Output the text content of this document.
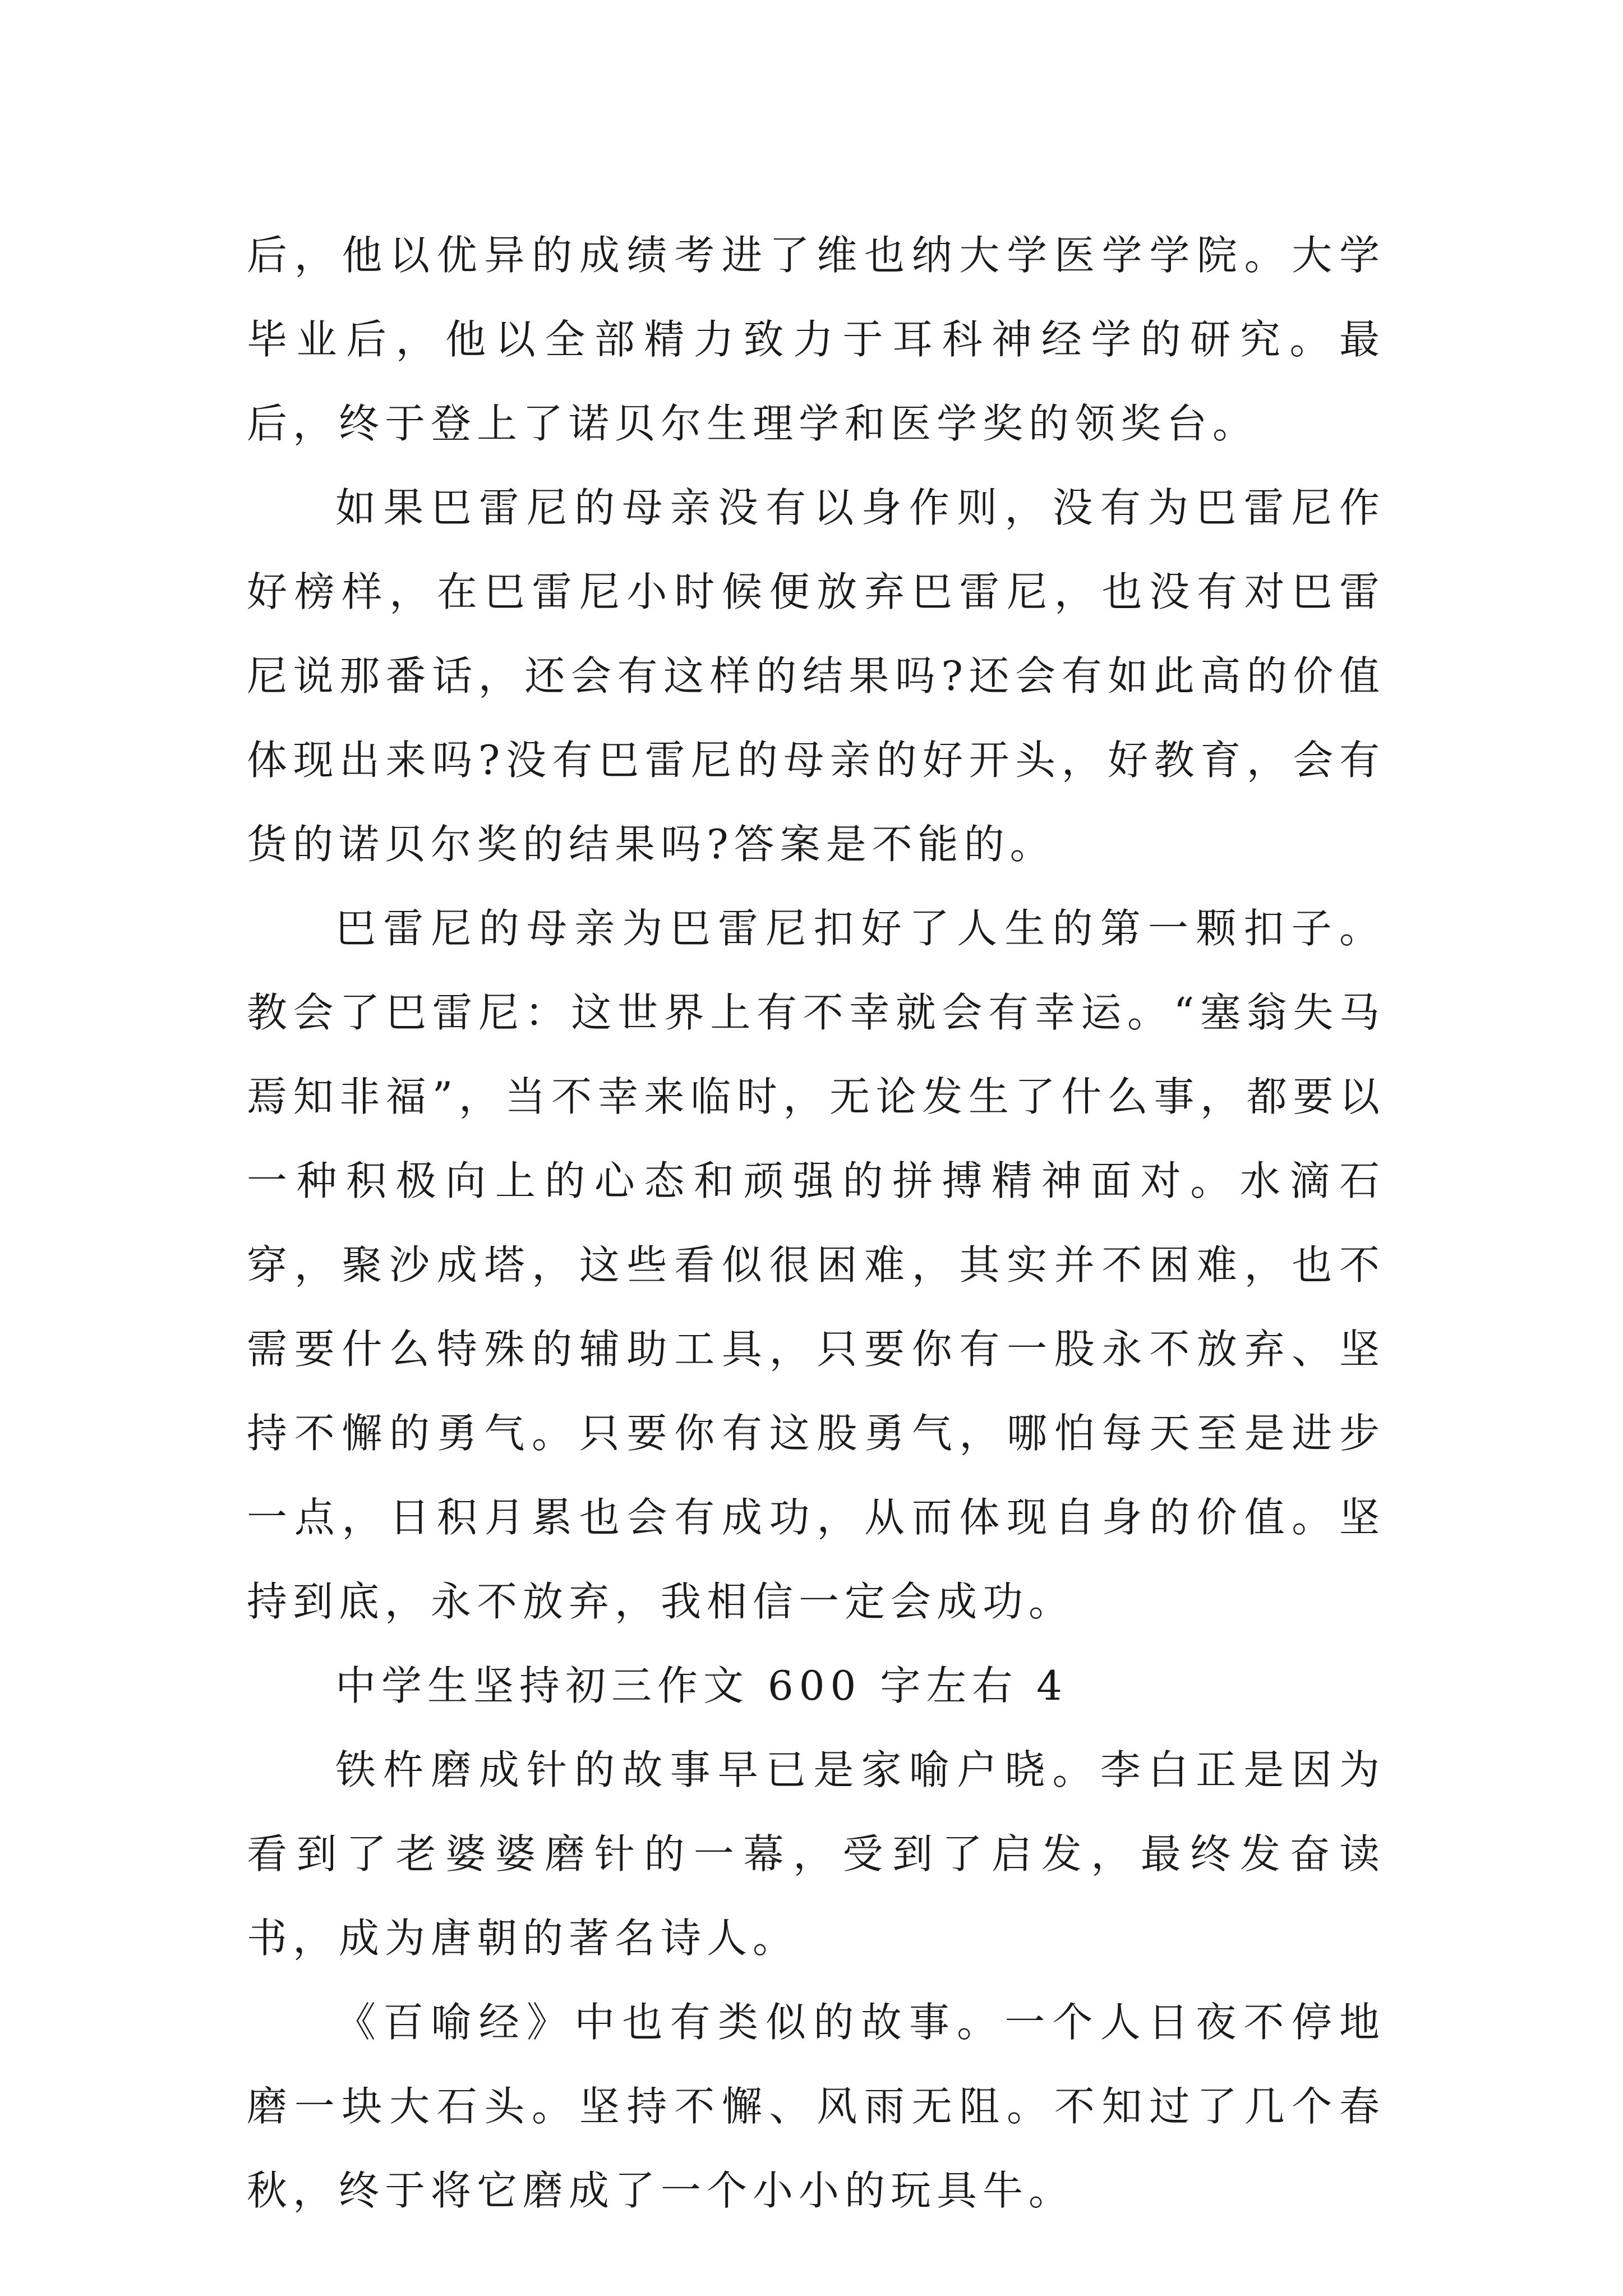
后，他以优异的成绩考进了维也纳大学医学学院。大学毕业后，他以全部精力致力于耳科神经学的研究。最后，终于登上了诺贝尔生理学和医学奖的领奖台。

如果巴雷尼的母亲没有以身作则，没有为巴雷尼作好榜样，在巴雷尼小时候便放弃巴雷尼，也没有对巴雷尼说那番话，还会有这样的结果吗?还会有如此高的价值体现出来吗?没有巴雷尼的母亲的好开头，好教育，会有货的诺贝尔奖的结果吗?答案是不能的。

巴雷尼的母亲为巴雷尼扣好了人生的第一颗扣子。教会了巴雷尼：这世界上有不幸就会有幸运。“塞翁失马焉知非福”，当不幸来临时，无论发生了什么事，都要以一种积极向上的心态和顽强的拼搏精神面对。水滴石穿，聚沙成塔，这些看似很困难，其实并不困难，也不需要什么特殊的辅助工具，只要你有一股永不放弃、坚持不懈的勇气。只要你有这股勇气，哪怕每天至是进步一点，日积月累也会有成功，从而体现自身的价值。坚持到底，永不放弃，我相信一定会成功。

中学生坚持初三作文 600 字左右 4

铁杵磨成针的故事早已是家喻户晓。李白正是因为看到了老婆婆磨针的一幕，受到了启发，最终发奋读书，成为唐朝的著名诗人。

《百喻经》中也有类似的故事。一个人日夜不停地磨一块大石头。坚持不懈、风雨无阻。不知过了几个春秋，终于将它磨成了一个小小的玩具牛。
